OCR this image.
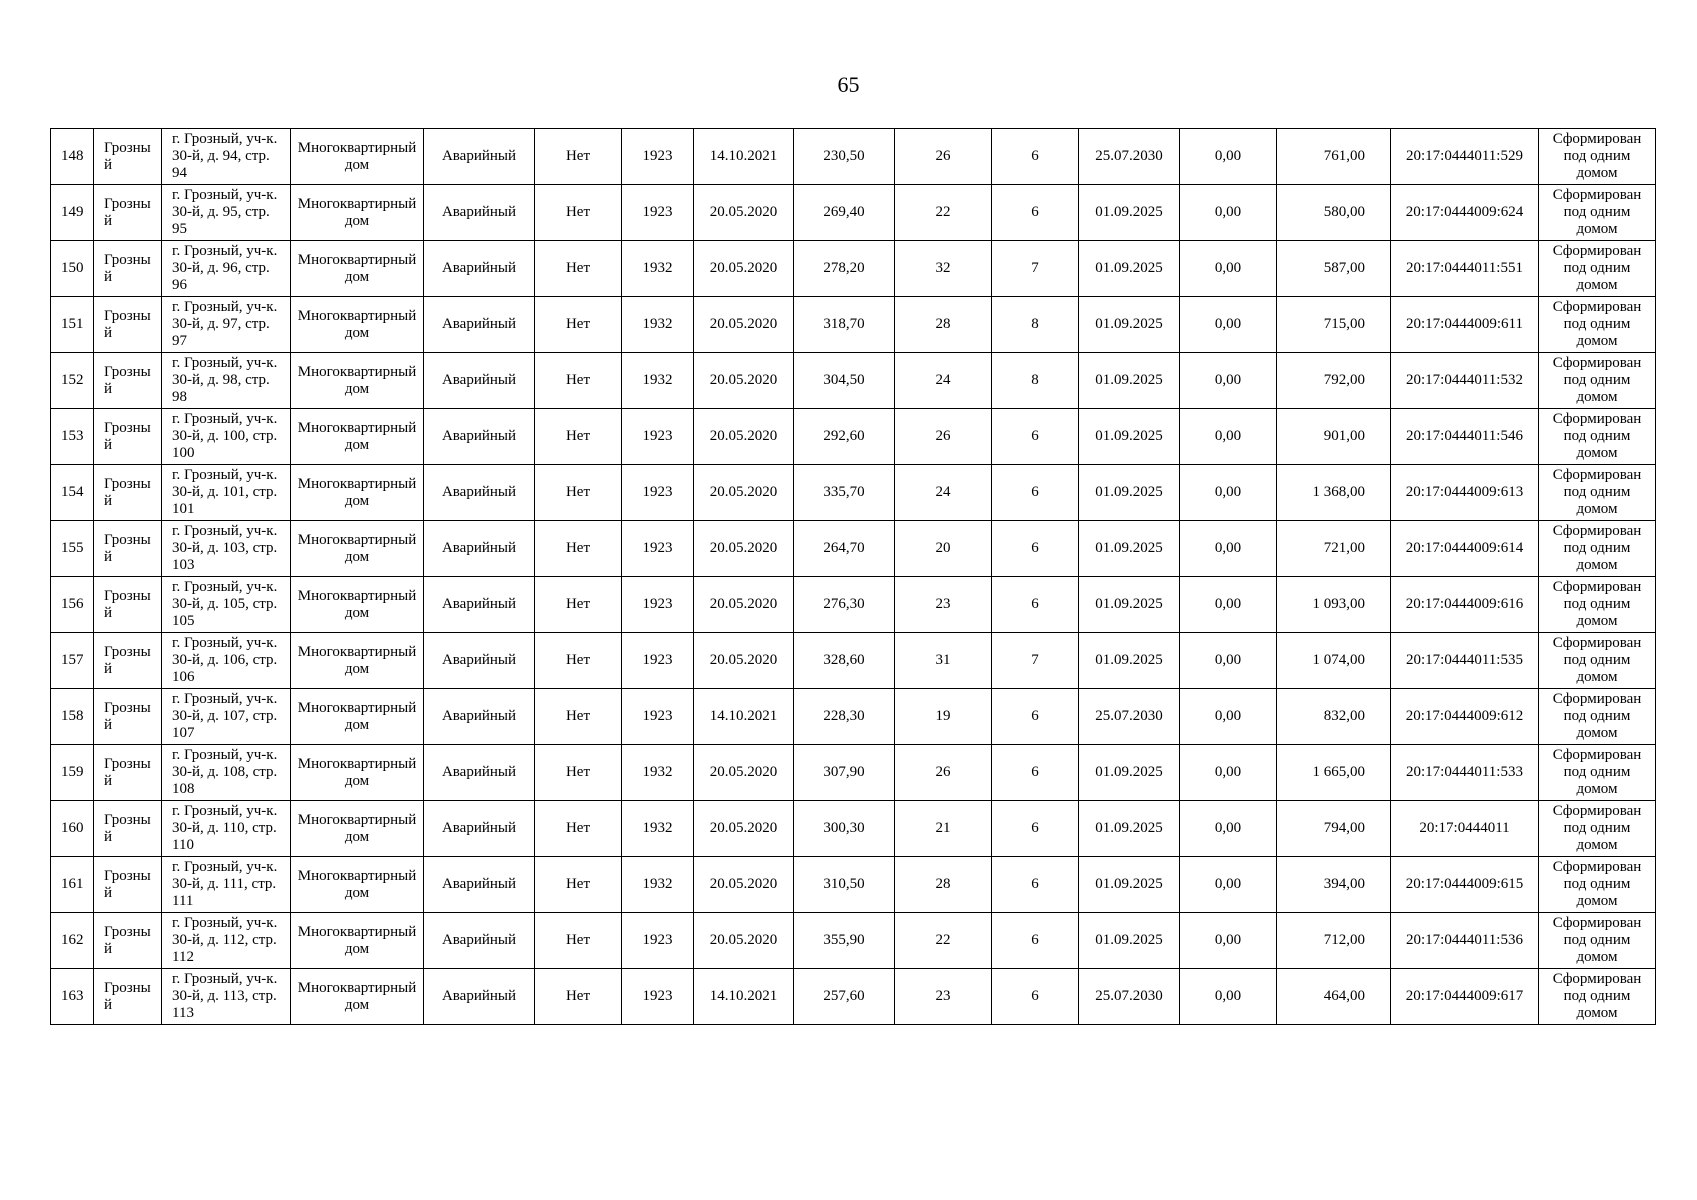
65
148	Грозный	г. Грозный, уч-к. 30-й, д. 94, стр. 94	Многоквартирный дом	Аварийный	Нет	1923	14.10.2021	230,50	26	6	25.07.2030	0,00	761,00	20:17:0444011:529	Сформирован под одним домом
149	Грозный	г. Грозный, уч-к. 30-й, д. 95, стр. 95	Многоквартирный дом	Аварийный	Нет	1923	20.05.2020	269,40	22	6	01.09.2025	0,00	580,00	20:17:0444009:624	Сформирован под одним домом
150	Грозный	г. Грозный, уч-к. 30-й, д. 96, стр. 96	Многоквартирный дом	Аварийный	Нет	1932	20.05.2020	278,20	32	7	01.09.2025	0,00	587,00	20:17:0444011:551	Сформирован под одним домом
151	Грозный	г. Грозный, уч-к. 30-й, д. 97, стр. 97	Многоквартирный дом	Аварийный	Нет	1932	20.05.2020	318,70	28	8	01.09.2025	0,00	715,00	20:17:0444009:611	Сформирован под одним домом
152	Грозный	г. Грозный, уч-к. 30-й, д. 98, стр. 98	Многоквартирный дом	Аварийный	Нет	1932	20.05.2020	304,50	24	8	01.09.2025	0,00	792,00	20:17:0444011:532	Сформирован под одним домом
153	Грозный	г. Грозный, уч-к. 30-й, д. 100, стр. 100	Многоквартирный дом	Аварийный	Нет	1923	20.05.2020	292,60	26	6	01.09.2025	0,00	901,00	20:17:0444011:546	Сформирован под одним домом
154	Грозный	г. Грозный, уч-к. 30-й, д. 101, стр. 101	Многоквартирный дом	Аварийный	Нет	1923	20.05.2020	335,70	24	6	01.09.2025	0,00	1 368,00	20:17:0444009:613	Сформирован под одним домом
155	Грозный	г. Грозный, уч-к. 30-й, д. 103, стр. 103	Многоквартирный дом	Аварийный	Нет	1923	20.05.2020	264,70	20	6	01.09.2025	0,00	721,00	20:17:0444009:614	Сформирован под одним домом
156	Грозный	г. Грозный, уч-к. 30-й, д. 105, стр. 105	Многоквартирный дом	Аварийный	Нет	1923	20.05.2020	276,30	23	6	01.09.2025	0,00	1 093,00	20:17:0444009:616	Сформирован под одним домом
157	Грозный	г. Грозный, уч-к. 30-й, д. 106, стр. 106	Многоквартирный дом	Аварийный	Нет	1923	20.05.2020	328,60	31	7	01.09.2025	0,00	1 074,00	20:17:0444011:535	Сформирован под одним домом
158	Грозный	г. Грозный, уч-к. 30-й, д. 107, стр. 107	Многоквартирный дом	Аварийный	Нет	1923	14.10.2021	228,30	19	6	25.07.2030	0,00	832,00	20:17:0444009:612	Сформирован под одним домом
159	Грозный	г. Грозный, уч-к. 30-й, д. 108, стр. 108	Многоквартирный дом	Аварийный	Нет	1932	20.05.2020	307,90	26	6	01.09.2025	0,00	1 665,00	20:17:0444011:533	Сформирован под одним домом
160	Грозный	г. Грозный, уч-к. 30-й, д. 110, стр. 110	Многоквартирный дом	Аварийный	Нет	1932	20.05.2020	300,30	21	6	01.09.2025	0,00	794,00	20:17:0444011	Сформирован под одним домом
161	Грозный	г. Грозный, уч-к. 30-й, д. 111, стр. 111	Многоквартирный дом	Аварийный	Нет	1932	20.05.2020	310,50	28	6	01.09.2025	0,00	394,00	20:17:0444009:615	Сформирован под одним домом
162	Грозный	г. Грозный, уч-к. 30-й, д. 112, стр. 112	Многоквартирный дом	Аварийный	Нет	1923	20.05.2020	355,90	22	6	01.09.2025	0,00	712,00	20:17:0444011:536	Сформирован под одним домом
163	Грозный	г. Грозный, уч-к. 30-й, д. 113, стр. 113	Многоквартирный дом	Аварийный	Нет	1923	14.10.2021	257,60	23	6	25.07.2030	0,00	464,00	20:17:0444009:617	Сформирован под одним домом
